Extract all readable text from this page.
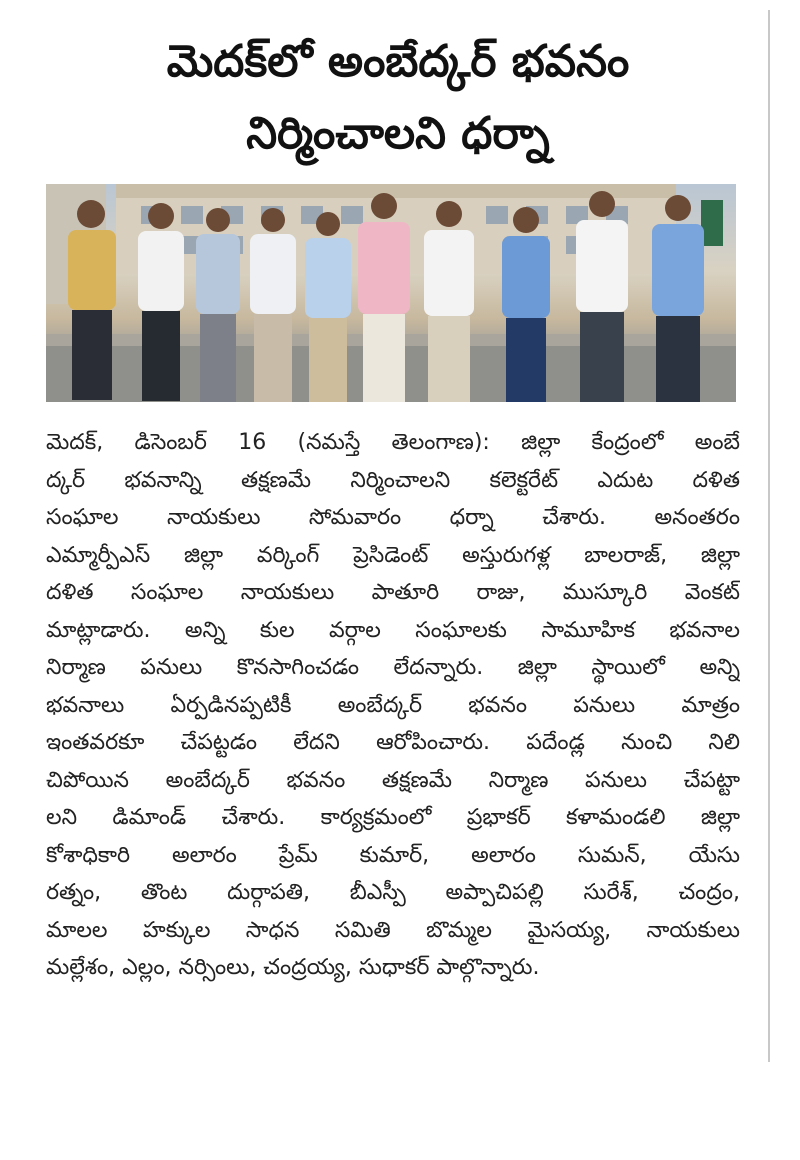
మెదక్‌లో అంబేద్కర్‌ భవనం
నిర్మించాలని ధర్నా
మెదక్‌, డిసెంబర్‌ 16 (నమస్తే తెలంగాణ): జిల్లా కేంద్రంలో అంబే
ద్కర్‌ భవనాన్ని తక్షణమే నిర్మించాలని కలెక్టరేట్‌ ఎదుట దళిత
సంఘాల నాయకులు సోమవారం ధర్నా చేశారు. అనంతరం
ఎమ్మార్పీఎస్‌ జిల్లా వర్కింగ్‌ ప్రెసిడెంట్‌ అస్తురుగళ్ల బాలరాజ్‌, జిల్లా
దళిత సంఘాల నాయకులు పాతూరి రాజు, ముస్కూరి వెంకట్‌
మాట్లాడారు. అన్ని కుల వర్గాల సంఘాలకు సామూహిక భవనాల
నిర్మాణ పనులు కొనసాగించడం లేదన్నారు. జిల్లా స్థాయిలో అన్ని
భవనాలు ఏర్పడినప్పటికీ అంబేద్కర్‌ భవనం పనులు మాత్రం
ఇంతవరకూ చేపట్టడం లేదని ఆరోపించారు. పదేండ్ల నుంచి నిలి
చిపోయిన అంబేద్కర్‌ భవనం తక్షణమే నిర్మాణ పనులు చేపట్టా
లని డిమాండ్‌ చేశారు. కార్యక్రమంలో ప్రభాకర్‌ కళామండలి జిల్లా
కోశాధికారి అలారం ప్రేమ్‌ కుమార్‌, అలారం సుమన్‌, యేసు
రత్నం, తొంట దుర్గాపతి, బీఎస్పీ అప్పాచిపల్లి సురేశ్‌, చంద్రం,
మాలల హక్కుల సాధన సమితి బొమ్మల మైసయ్య, నాయకులు
మల్లేశం, ఎల్లం, నర్సింలు, చంద్రయ్య, సుధాకర్‌ పాల్గొన్నారు.
